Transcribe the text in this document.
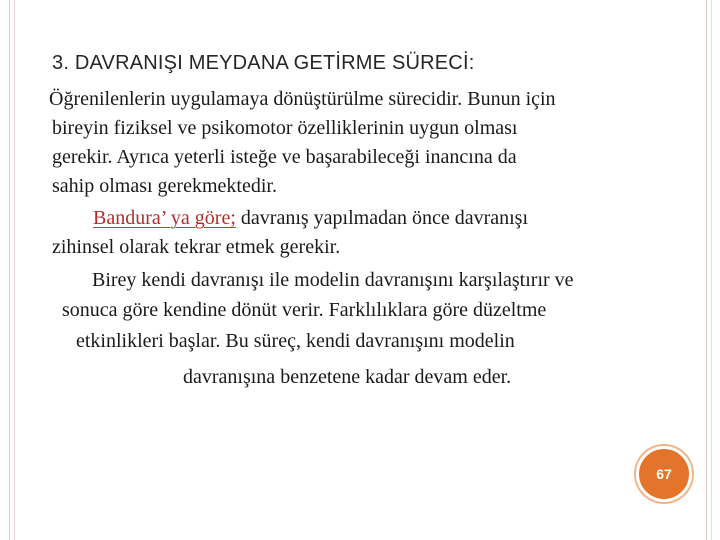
3. DAVRANIŞI MEYDANA GETİRME SÜRECİ:
Öğrenilenlerin uygulamaya dönüştürülme sürecidir. Bunun için
bireyin fiziksel ve psikomotor özelliklerinin uygun olması
gerekir. Ayrıca yeterli isteğe ve başarabileceği inancına da
sahip olması gerekmektedir.
Bandura’ ya göre; davranış yapılmadan önce davranışı
zihinsel olarak tekrar etmek gerekir.
Birey kendi davranışı ile modelin davranışını karşılaştırır ve
sonuca göre kendine dönüt verir. Farklılıklara göre düzeltme
etkinlikleri başlar. Bu süreç, kendi davranışını modelin
davranışına benzetene kadar devam eder.
67
